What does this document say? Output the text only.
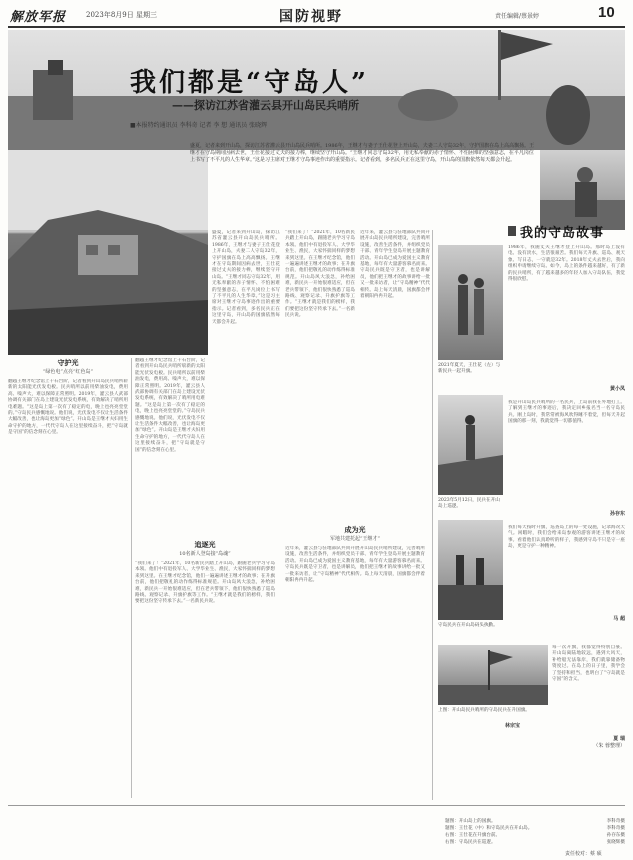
解放军报	2023年8月9日 星期三	国防视野	责任编辑/蔡景婷	10
我们都是“守岛人”
——探访江苏省灌云县开山岛民兵哨所
■本报特约通讯员 李科奇 记者 李 想 通讯员 张晓辉
盛夏，记者来到开山岛，探访江苏省灌云县开山岛民兵哨所。1986年，王继才与妻子王仕花登上开山岛，夫妻二人守岛32年，守护国旗在岛上高高飘扬。王继才在守岛期间因病去世，王仕花接过丈夫的接力棒，继续坚守开山岛。“王继才同志守岛32年，用无私奉献的赤子情怀、不怕困难的坚强意志，在平凡岗位上书写了不平凡的人生华章。”这是习主席对王继才守岛事迹作出的重要指示。记者看到，多名民兵正在这里守岛，开山岛的国旗依然每天都会升起。
守护光
“绿色电”点亮“红色岛”
翻越王继才纪念馆上千石台阶，记者看到开山岛民兵哨所崭新的太阳能光伏发电板。民兵哨所以前用柴油发电，费用高、噪声大，难以保障正常照明。2019年，灌云县人武部协调有关部门在岛上建设光伏发电系统，有效解决了哨所用电难题。“这是岛上第一次有了稳定的电，晚上也亮亮堂堂的。”守岛民兵感慨地说。他们说，光伏发电不仅让生活条件大幅改善，也让海岛更加“绿色”。开山岛是王继才夫妇用生命守护的地方，一代代守岛人在这里接续奋斗，把“守岛就是守国”的信念刻在心里。
翻越王继才纪念馆上千石台阶，记者看到开山岛民兵哨所崭新的太阳能光伏发电板。民兵哨所以前用柴油发电，费用高、噪声大，难以保障正常照明。2019年，灌云县人武部协调有关部门在岛上建设光伏发电系统，有效解决了哨所用电难题。“这是岛上第一次有了稳定的电，晚上也亮亮堂堂的。”守岛民兵感慨地说。他们说，光伏发电不仅让生活条件大幅改善，也让海岛更加“绿色”。开山岛是王继才夫妇用生命守护的地方，一代代守岛人在这里接续奋斗，把“守岛就是守国”的信念刻在心里。
追逐光
10名新人登岛接“岛魂”
“我们来了！”2021年，10名新民兵踏上开山岛，跟随老兵学习守岛本领。他们中有退役军人、大学毕业生、渔民，大家怀揣同样的梦想来到这里。在王继才纪念馆，他们一遍遍讲述王继才的故事；在升旗台前，他们把敬礼的动作练得标准规范。开山岛风大浪急，补给困难，新民兵一开始很难适应，但在老兵带领下，他们很快熟悉了巡岛路线、观察记录、升旗护旗等工作。“王继才就是我们的榜样，我们要把这份坚守传承下去。”一名新民兵说。
盛夏，记者来到开山岛，探访江苏省灌云县开山岛民兵哨所。1986年，王继才与妻子王仕花登上开山岛，夫妻二人守岛32年，守护国旗在岛上高高飘扬。王继才在守岛期间因病去世，王仕花接过丈夫的接力棒，继续坚守开山岛。“王继才同志守岛32年，用无私奉献的赤子情怀、不怕困难的坚强意志，在平凡岗位上书写了不平凡的人生华章。”这是习主席对王继才守岛事迹作出的重要指示。记者看到，多名民兵正在这里守岛，开山岛的国旗依然每天都会升起。
“我们来了！”2021年，10名新民兵踏上开山岛，跟随老兵学习守岛本领。他们中有退役军人、大学毕业生、渔民，大家怀揣同样的梦想来到这里。在王继才纪念馆，他们一遍遍讲述王继才的故事；在升旗台前，他们把敬礼的动作练得标准规范。开山岛风大浪急，补给困难，新民兵一开始很难适应，但在老兵带领下，他们很快熟悉了巡岛路线、观察记录、升旗护旗等工作。“王继才就是我们的榜样，我们要把这份坚守传承下去。”一名新民兵说。
成为光
军地共建托起“王继才”
近年来，灌云县与驻地部队共同开展开山岛民兵哨所建设，完善哨所设施，改善生活条件，并组织党员干部、青年学生登岛开展主题教育活动。开山岛已成为爱国主义教育基地，每年有大量游客慕名而来。守岛民兵既是守卫者，也是讲解员，他们把王继才的故事讲给一批又一批来访者，让“守岛精神”代代相传。岛上每天清晨，国旗都会伴着朝阳冉冉升起。
近年来，灌云县与驻地部队共同开展开山岛民兵哨所建设，完善哨所设施，改善生活条件，并组织党员干部、青年学生登岛开展主题教育活动。开山岛已成为爱国主义教育基地，每年有大量游客慕名而来。守岛民兵既是守卫者，也是讲解员，他们把王继才的故事讲给一批又一批来访者，让“守岛精神”代代相传。岛上每天清晨，国旗都会伴着朝阳冉冉升起。
我的守岛故事
2021年夏天，王仕花（左）与新民兵一起升旗。
1986年，我随丈夫王继才登上开山岛。那时岛上没有电、没有淡水，生活很艰苦。我们每天升旗、巡岛、观天象、写日志，一守就是32年。2018年丈夫去世后，我向组织申请继续守岛。如今，岛上的条件越来越好，有了新的民兵哨所，有了越来越多的年轻人加入守岛队伍，我觉得很欣慰。
黄小凤
2023年5月12日，民兵在开山岛上巡逻。
我是开山岛民兵哨所的一名民兵，上岛前我在外地打工。了解到王继才的事迹后，我决定回乡报名当一名守岛民兵。刚上岛时，我常常被海风吹得睡不着觉，但每天升起国旗的那一刻，我就觉得一切都值得。
孙存东
守岛民兵在开山岛码头执勤。
我们每天按时升旗，巡查岛上的每一处设施，记录海况天气。闲暇时，我们会给来岛参观的游客讲述王继才的故事。看着他们认真聆听的样子，我感到守岛不只是守一座岛，更是守护一种精神。
马 超
上图：开山岛民兵哨所的守岛民兵在升国旗。
林宗宝
每一次升旗，我都觉得特别自豪。开山岛离陆地较远，遇到大风天，补给船无法靠岸，我们就靠储备物资度过。在岛上的日子里，我学会了坚持和担当，也明白了“守岛就是守国”的含义。
夏 瑞
（朱 蓉整理）
题图：开山岛上的国旗。	李科奇摄
题图：王仕花（中）和守岛民兵在开山岛。	李科奇摄
右图：王仕花在升旗台前。	孙存东摄
右图：守岛民兵在巡逻。	张晓辉摄
责任校对：蔡 硕
